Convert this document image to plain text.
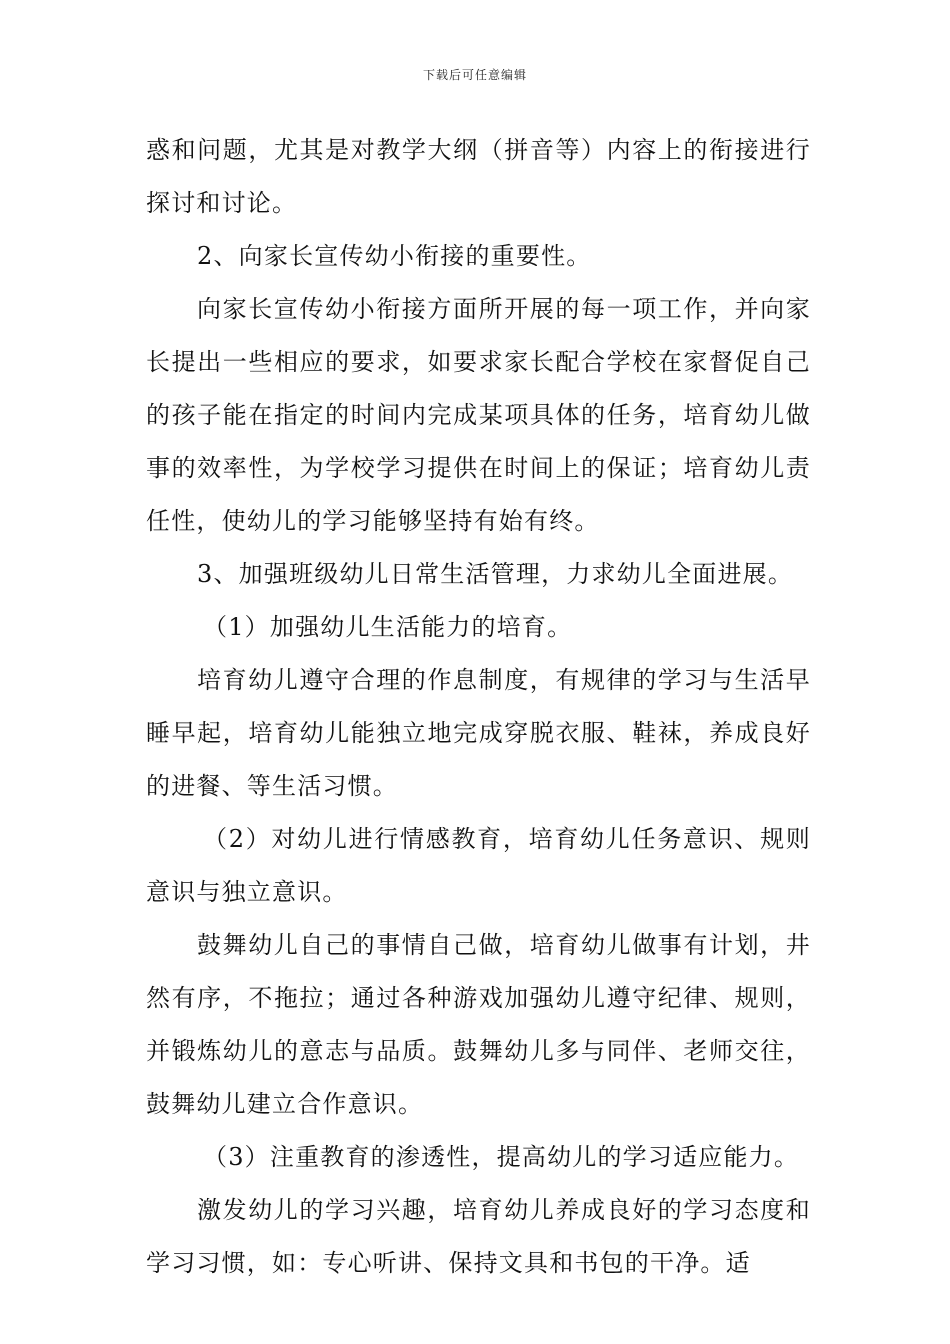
下载后可任意编辑

惑和问题，尤其是对教学大纲（拼音等）内容上的衔接进行探讨和讨论。

2、向家长宣传幼小衔接的重要性。

向家长宣传幼小衔接方面所开展的每一项工作，并向家长提出一些相应的要求，如要求家长配合学校在家督促自己的孩子能在指定的时间内完成某项具体的任务，培育幼儿做事的效率性，为学校学习提供在时间上的保证；培育幼儿责任性，使幼儿的学习能够坚持有始有终。

3、加强班级幼儿日常生活管理，力求幼儿全面进展。

（1）加强幼儿生活能力的培育。

培育幼儿遵守合理的作息制度，有规律的学习与生活早睡早起，培育幼儿能独立地完成穿脱衣服、鞋袜，养成良好的进餐、等生活习惯。

（2）对幼儿进行情感教育，培育幼儿任务意识、规则意识与独立意识。

鼓舞幼儿自己的事情自己做，培育幼儿做事有计划，井然有序，不拖拉；通过各种游戏加强幼儿遵守纪律、规则，并锻炼幼儿的意志与品质。鼓舞幼儿多与同伴、老师交往，鼓舞幼儿建立合作意识。

（3）注重教育的渗透性，提高幼儿的学习适应能力。

激发幼儿的学习兴趣，培育幼儿养成良好的学习态度和学习习惯，如：专心听讲、保持文具和书包的干净。适
